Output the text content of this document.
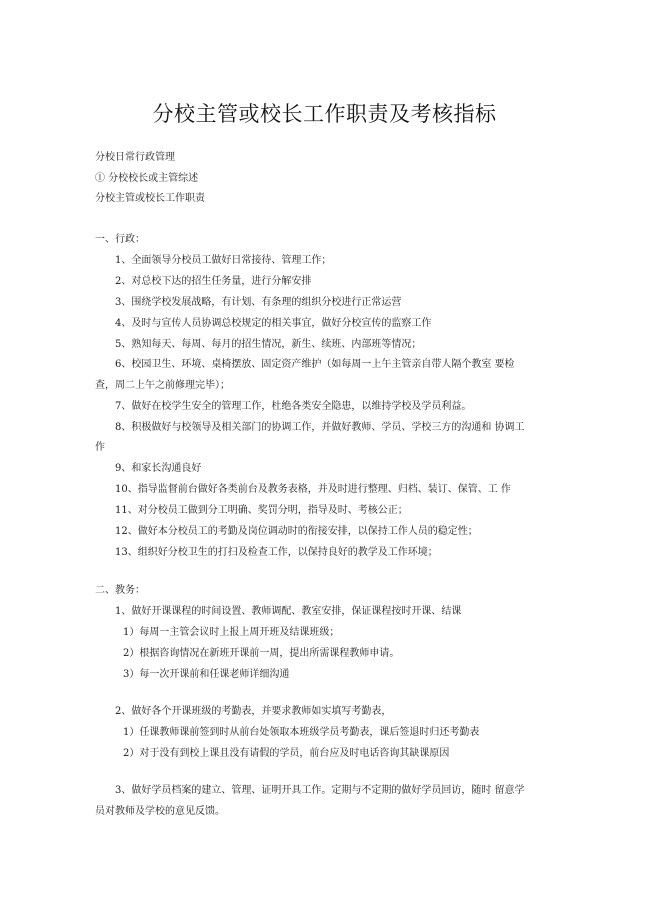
分校主管或校长工作职责及考核指标
分校日常行政管理
① 分校校长或主管综述
分校主管或校长工作职责
一、行政：
1、全面领导分校员工做好日常接待、管理工作；
2、对总校下达的招生任务量，进行分解安排
3、围绕学校发展战略，有计划、有条理的组织分校进行正常运营
4、及时与宣传人员协调总校规定的相关事宜，做好分校宣传的监察工作
5、熟知每天、每周、每月的招生情况，新生、续班、内部班等情况；
6、校园卫生、环境、桌椅摆放、固定资产维护（如每周一上午主管亲自带人隔个教室 要检
查，周二上午之前修理完毕）；
7、做好在校学生安全的管理工作，杜绝各类安全隐患，以维持学校及学员利益。
8、积极做好与校领导及相关部门的协调工作，并做好教师、学员、学校三方的沟通和 协调工
作
9、和家长沟通良好
10、指导监督前台做好各类前台及教务表格，并及时进行整理、归档、装订、保管、工 作
11、对分校员工做到分工明确、奖罚分明，指导及时、考核公正；
12、做好本分校员工的考勤及岗位调动时的衔接安排，以保持工作人员的稳定性；
13、组织好分校卫生的打扫及检查工作，以保持良好的教学及工作环境；
二、教务：
1、做好开课课程的时间设置、教师调配、教室安排，保证课程按时开课、结课
1）每周一主管会议时上报上周开班及结课班级；
2）根据咨询情况在新班开课前一周，提出所需课程教师申请。
3）每一次开课前和任课老师详细沟通
2、做好各个开课班级的考勤表，并要求教师如实填写考勤表，
1）任课教师课前签到时从前台处领取本班级学员考勤表，课后签退时归还考勤表
2）对于没有到校上课且没有请假的学员，前台应及时电话咨询其缺课原因
3、做好学员档案的建立、管理、证明开具工作。定期与不定期的做好学员回访，随时 留意学
员对教师及学校的意见反馈。
